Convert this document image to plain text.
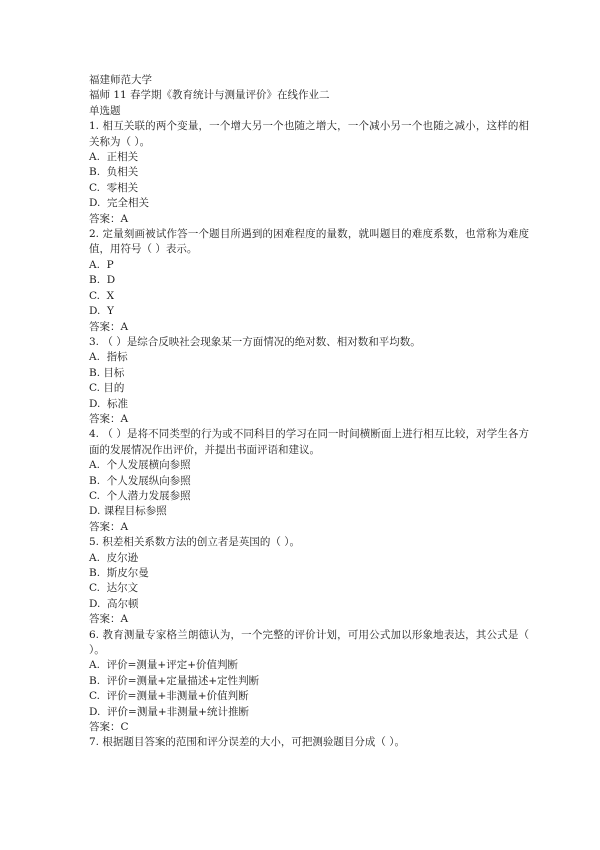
福建师范大学
福师 11 春学期《教育统计与测量评价》在线作业二
单选题
1. 相互关联的两个变量，一个增大另一个也随之增大，一个减小另一个也随之减小，这样的相关称为（ ）。
A.  正相关
B.  负相关
C.  零相关
D.  完全相关
答案：A
2. 定量刻画被试作答一个题目所遇到的困难程度的量数，就叫题目的难度系数，也常称为难度值，用符号（ ）表示。
A.  P
B.  D
C.  X
D.  Y
答案：A
3. （ ）是综合反映社会现象某一方面情况的绝对数、相对数和平均数。
A.  指标
B. 目标
C. 目的
D.  标准
答案：A
4. （ ）是将不同类型的行为或不同科目的学习在同一时间横断面上进行相互比较，对学生各方面的发展情况作出评价，并提出书面评语和建议。
A.  个人发展横向参照
B.  个人发展纵向参照
C.  个人潜力发展参照
D. 课程目标参照
答案：A
5. 积差相关系数方法的创立者是英国的（ ）。
A.  皮尔逊
B.  斯皮尔曼
C.  达尔文
D.  高尔顿
答案：A
6. 教育测量专家格兰朗德认为，一个完整的评价计划，可用公式加以形象地表达，其公式是（ ）。
A.  评价=测量+评定+价值判断
B.  评价=测量+定量描述+定性判断
C.  评价=测量+非测量+价值判断
D.  评价=测量+非测量+统计推断
答案：C
7. 根据题目答案的范围和评分误差的大小，可把测验题目分成（ ）。
